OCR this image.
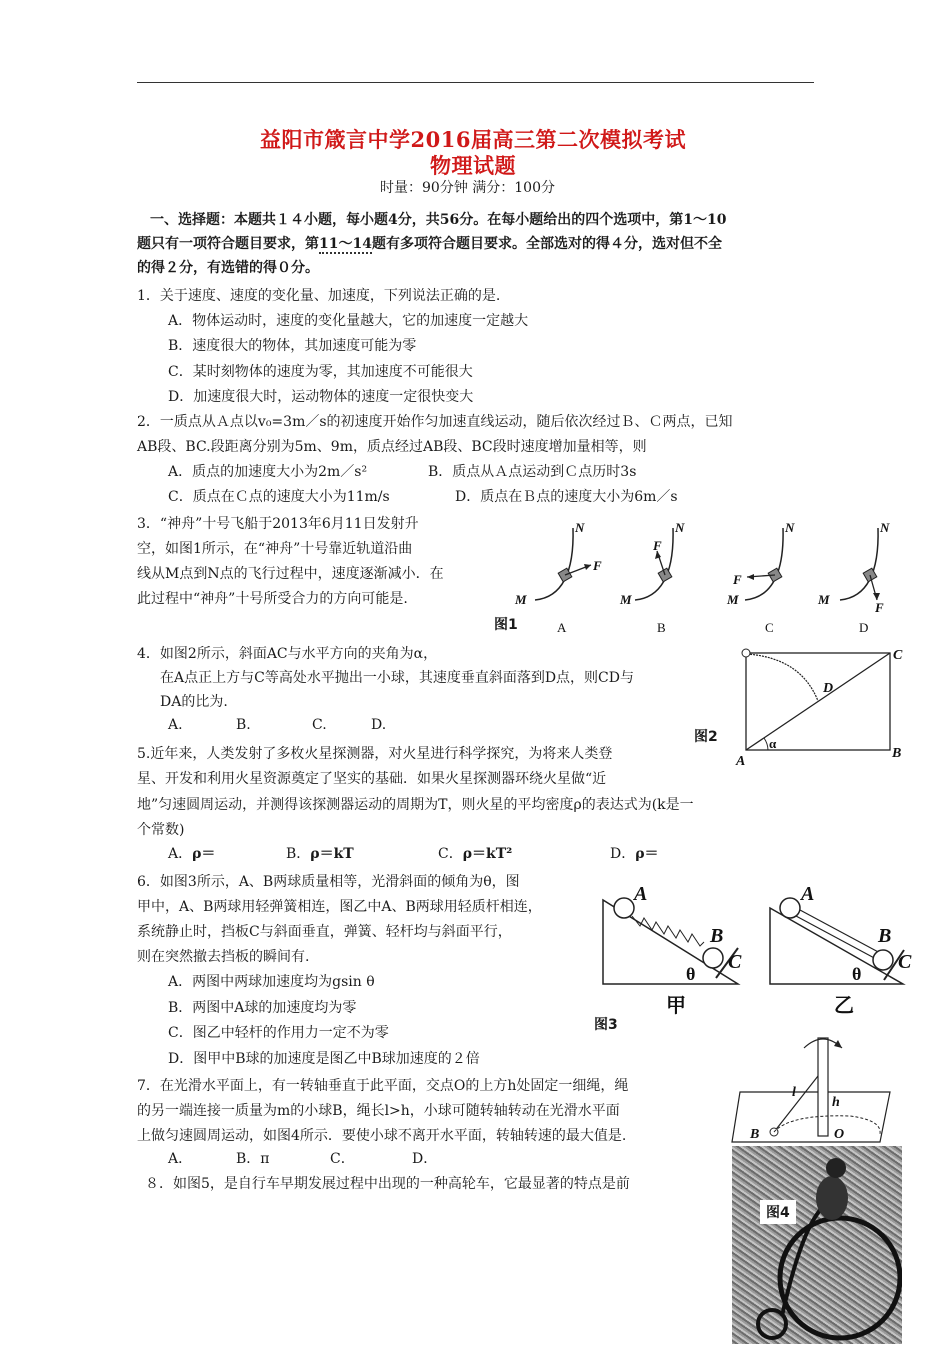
益阳市箴言中学2016届高三第二次模拟考试
物理试题
时量：90分钟 满分：100分
一、选择题：本题共１４小题，每小题4分，共56分。在每小题给出的四个选项中，第1～10
题只有一项符合题目要求，第11～14题有多项符合题目要求。全部选对的得４分，选对但不全
的得２分，有选错的得０分。
1．关于速度、速度的变化量、加速度，下列说法正确的是.
A．物体运动时，速度的变化量越大，它的加速度一定越大
B．速度很大的物体，其加速度可能为零
C．某时刻物体的速度为零，其加速度不可能很大
D．加速度很大时，运动物体的速度一定很快变大
2．一质点从Ａ点以v₀=3m／s的初速度开始作匀加速直线运动，随后依次经过Ｂ、Ｃ两点，已知
AB段、BC.段距离分别为5m、9m，质点经过AB段、BC段时速度增加量相等，则
A．质点的加速度大小为2m／s²	B．质点从Ａ点运动到Ｃ点历时3s
C．质点在Ｃ点的速度大小为11m/s	D．质点在Ｂ点的速度大小为6m／s
3．“神舟”十号飞船于2013年6月11日发射升
空，如图1所示，在“神舟”十号靠近轨道沿曲
线从M点到N点的飞行过程中，速度逐渐减小．在
此过程中“神舟”十号所受合力的方向可能是.
图1
N
M
F
A
N
M
F
B
N
M
F
C
N
M
F
D
4．如图2所示，斜面AC与水平方向的夹角为α，
在A点正上方与C等高处水平抛出一小球，其速度垂直斜面落到D点，则CD与
DA的比为.
A.	B.	C.	D.
图2
A
B
C
D
α
5.近年来，人类发射了多枚火星探测器，对火星进行科学探究，为将来人类登
星、开发和利用火星资源奠定了坚实的基础．如果火星探测器环绕火星做“近
地”匀速圆周运动，并测得该探测器运动的周期为T，则火星的平均密度ρ的表达式为(k是一
个常数)
A．ρ＝	B．ρ＝kT	C．ρ＝kT²	D．ρ＝
6．如图3所示，A、B两球质量相等，光滑斜面的倾角为θ，图
甲中，A、B两球用轻弹簧相连，图乙中A、B两球用轻质杆相连，
系统静止时，挡板C与斜面垂直，弹簧、轻杆均与斜面平行，
则在突然撤去挡板的瞬间有.
A．两图中两球加速度均为gsin θ
B．两图中A球的加速度均为零
C．图乙中轻杆的作用力一定不为零
D．图甲中B球的加速度是图乙中B球加速度的２倍
图3
A
B
C
θ
甲
A
B
C
θ
乙
7．在光滑水平面上，有一转轴垂直于此平面，交点O的上方h处固定一细绳，绳
的另一端连接一质量为m的小球B，绳长l>h，小球可随转轴转动在光滑水平面
上做匀速圆周运动，如图4所示．要使小球不离开水平面，转轴转速的最大值是.
A．	B．π	C．	D．
l
h
B	O
８．如图5，是自行车早期发展过程中出现的一种高轮车，它最显著的特点是前
图4
